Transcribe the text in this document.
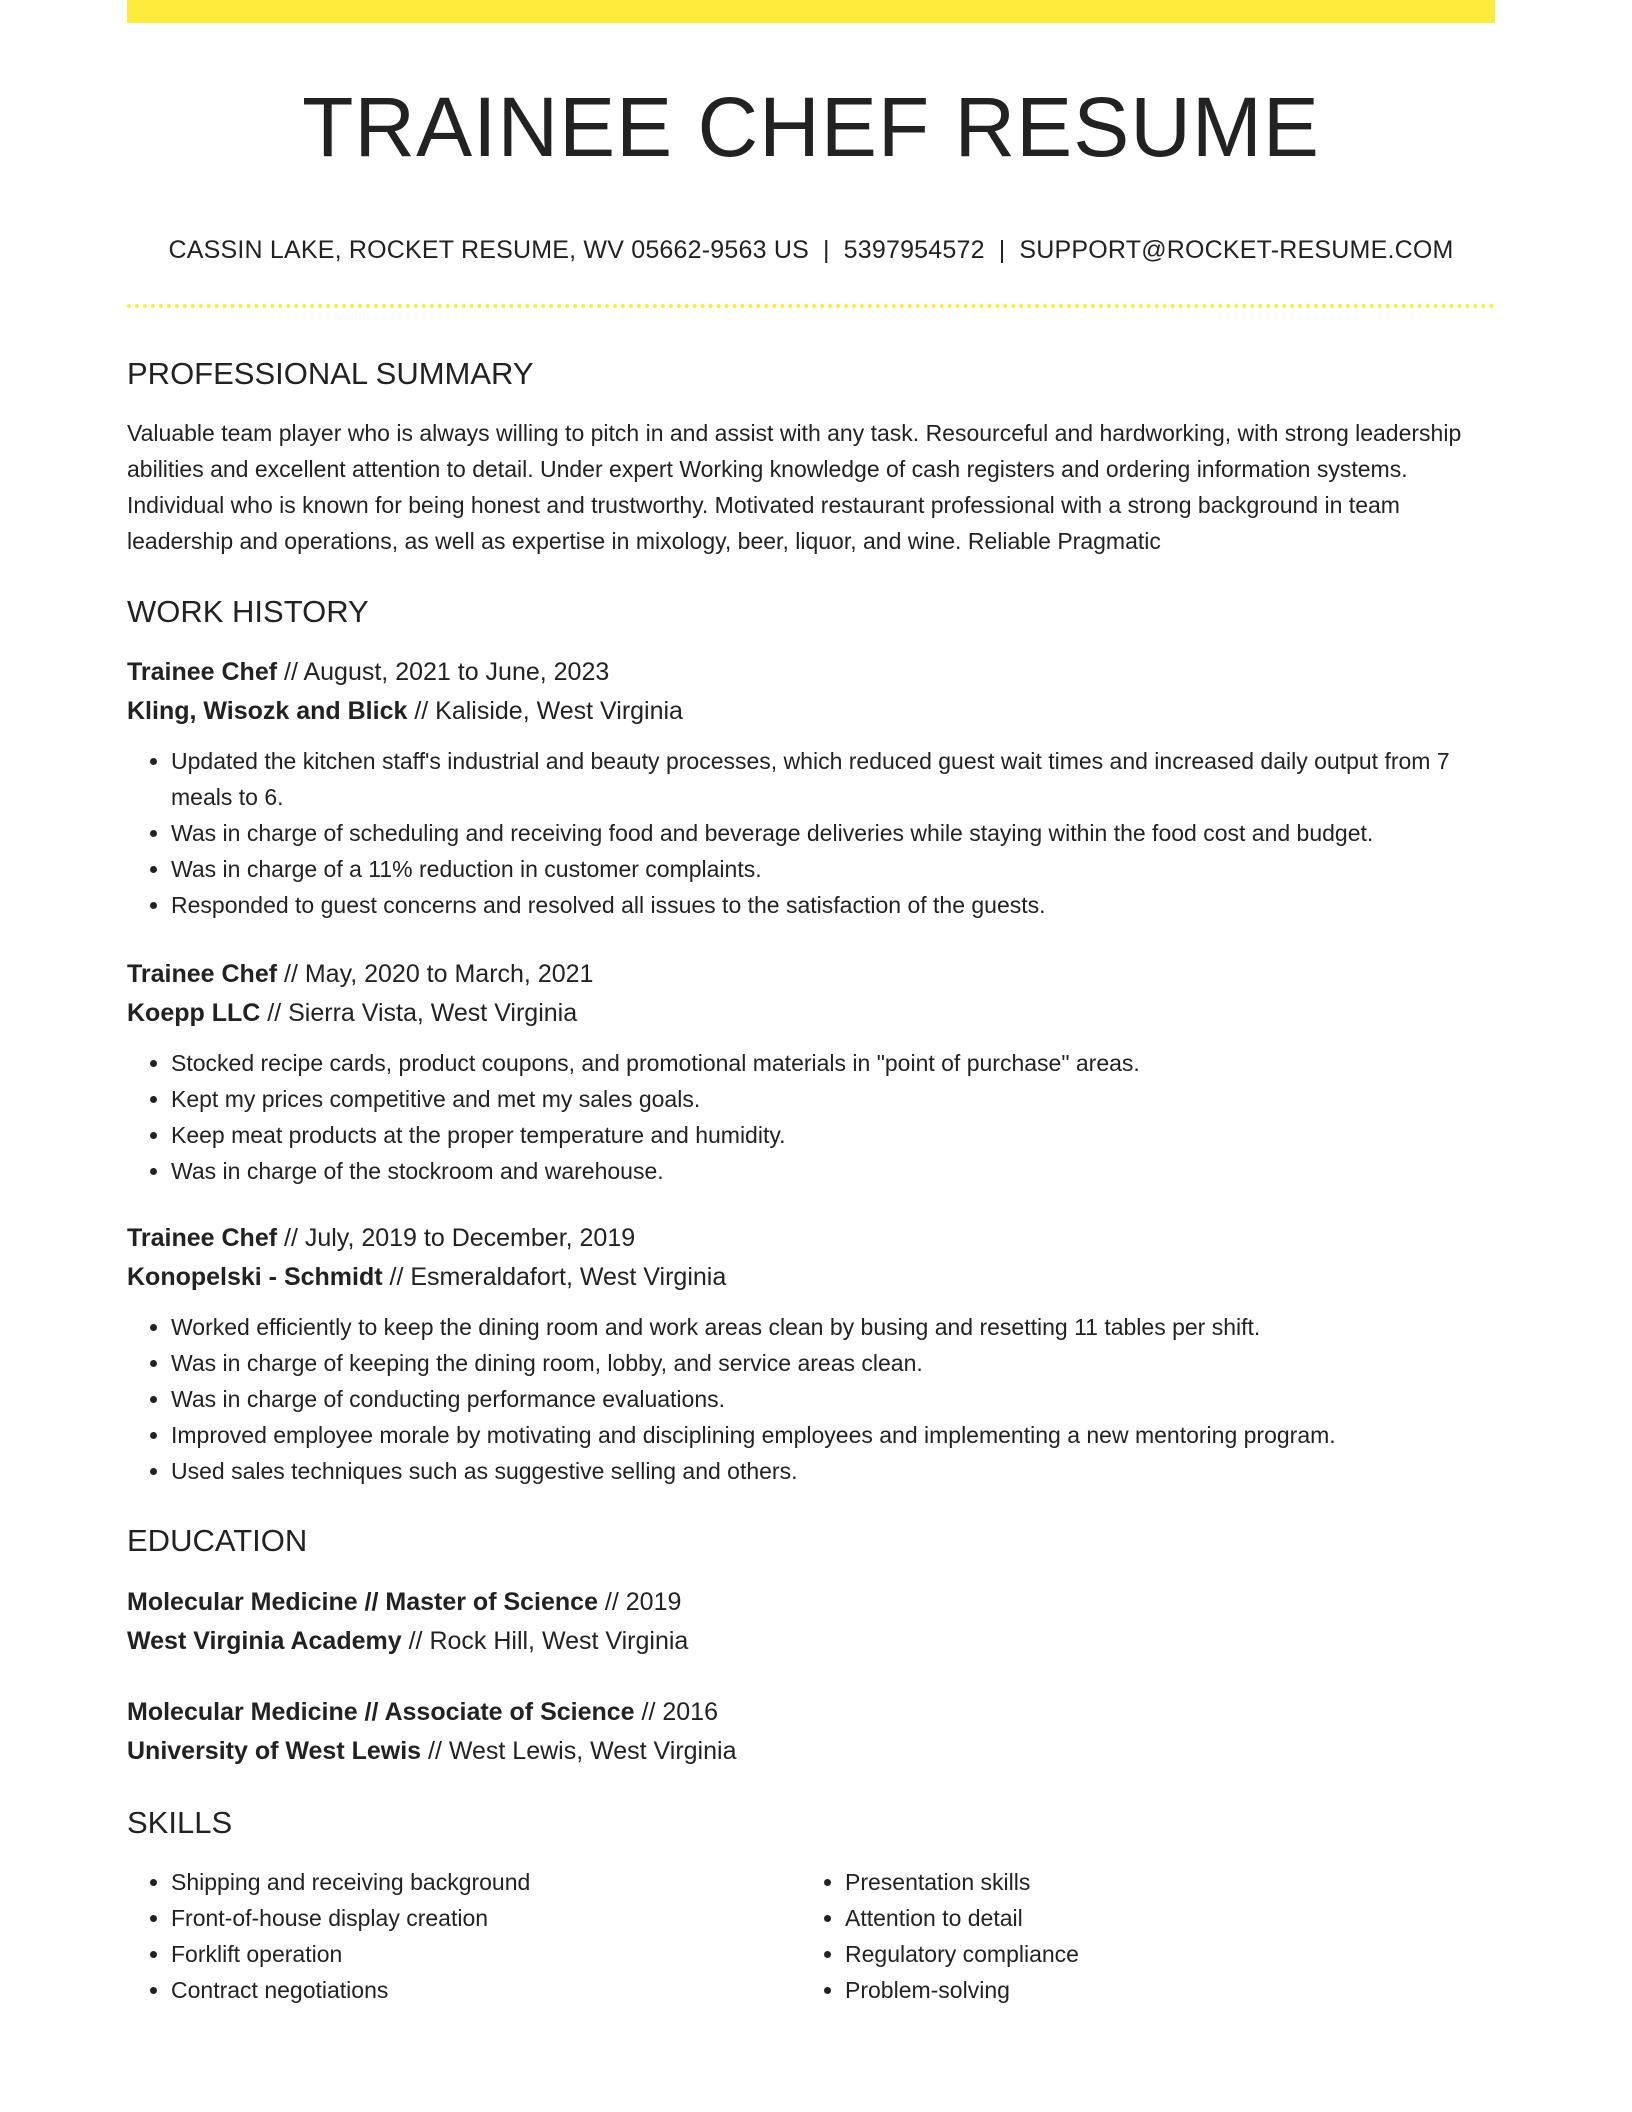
TRAINEE CHEF RESUME
CASSIN LAKE, ROCKET RESUME, WV 05662-9563 US | 5397954572 | SUPPORT@ROCKET-RESUME.COM
PROFESSIONAL SUMMARY
Valuable team player who is always willing to pitch in and assist with any task. Resourceful and hardworking, with strong leadership abilities and excellent attention to detail. Under expert Working knowledge of cash registers and ordering information systems. Individual who is known for being honest and trustworthy. Motivated restaurant professional with a strong background in team leadership and operations, as well as expertise in mixology, beer, liquor, and wine. Reliable Pragmatic
WORK HISTORY
Trainee Chef // August, 2021 to June, 2023
Kling, Wisozk and Blick // Kaliside, West Virginia
• Updated the kitchen staff's industrial and beauty processes, which reduced guest wait times and increased daily output from 7 meals to 6.
• Was in charge of scheduling and receiving food and beverage deliveries while staying within the food cost and budget.
• Was in charge of a 11% reduction in customer complaints.
• Responded to guest concerns and resolved all issues to the satisfaction of the guests.
Trainee Chef // May, 2020 to March, 2021
Koepp LLC // Sierra Vista, West Virginia
• Stocked recipe cards, product coupons, and promotional materials in "point of purchase" areas.
• Kept my prices competitive and met my sales goals.
• Keep meat products at the proper temperature and humidity.
• Was in charge of the stockroom and warehouse.
Trainee Chef // July, 2019 to December, 2019
Konopelski - Schmidt // Esmeraldafort, West Virginia
• Worked efficiently to keep the dining room and work areas clean by busing and resetting 11 tables per shift.
• Was in charge of keeping the dining room, lobby, and service areas clean.
• Was in charge of conducting performance evaluations.
• Improved employee morale by motivating and disciplining employees and implementing a new mentoring program.
• Used sales techniques such as suggestive selling and others.
EDUCATION
Molecular Medicine // Master of Science // 2019
West Virginia Academy // Rock Hill, West Virginia
Molecular Medicine // Associate of Science // 2016
University of West Lewis // West Lewis, West Virginia
SKILLS
• Shipping and receiving background
• Front-of-house display creation
• Forklift operation
• Contract negotiations
• Presentation skills
• Attention to detail
• Regulatory compliance
• Problem-solving
